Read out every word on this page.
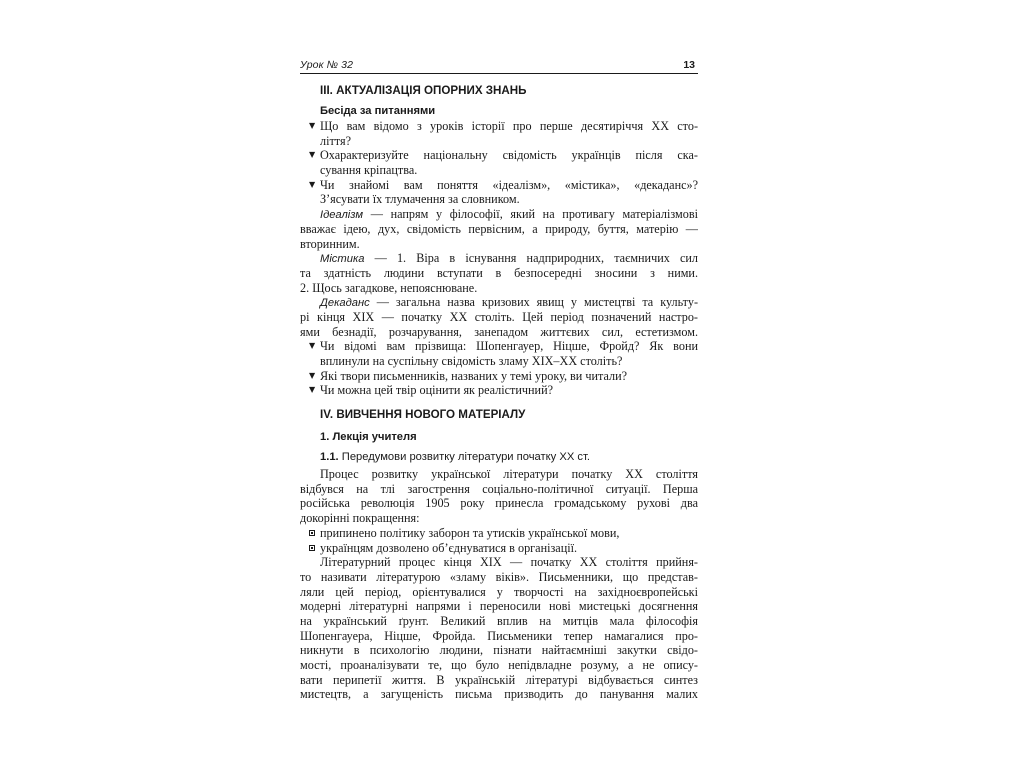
Урок № 32	13
III. АКТУАЛІЗАЦІЯ ОПОРНИХ ЗНАНЬ
Бесіда за питаннями
▼ Що вам відомо з уроків історії про перше десятиріччя XX сто-
ліття?
▼ Охарактеризуйте національну свідомість українців після ска-
сування кріпацтва.
▼ Чи знайомі вам поняття «ідеалізм», «містика», «декаданс»?
З’ясувати їх тлумачення за словником.
Ідеалізм — напрям у філософії, який на противагу матеріалізмові
вважає ідею, дух, свідомість первісним, а природу, буття, матерію —
вторинним.
Містика — 1. Віра в існування надприродних, таємничих сил
та здатність людини вступати в безпосередні зносини з ними.
2. Щось загадкове, непояснюване.
Декаданс — загальна назва кризових явищ у мистецтві та культу-
рі кінця XIX — початку XX століть. Цей період позначений настро-
ями безнадії, розчарування, занепадом життєвих сил, естетизмом.
▼ Чи відомі вам прізвища: Шопенгауер, Ніцше, Фройд? Як вони
вплинули на суспільну свідомість зламу XIX–XX століть?
▼ Які твори письменників, названих у темі уроку, ви читали?
▼ Чи можна цей твір оцінити як реалістичний?
IV. ВИВЧЕННЯ НОВОГО МАТЕРІАЛУ
1. Лекція учителя
1.1. Передумови розвитку літератури початку XX ст.
Процес розвитку української літератури початку XX століття
відбувся на тлі загострення соціально-політичної ситуації. Перша
російська революція 1905 року принесла громадському рухові два
докорінні покращення:
припинено політику заборон та утисків української мови,
українцям дозволено об’єднуватися в організації.
Літературний процес кінця XIX — початку XX століття прийня-
то називати літературою «зламу віків». Письменники, що представ-
ляли цей період, орієнтувалися у творчості на західноєвропейські
модерні літературні напрями і переносили нові мистецькі досягнення
на український ґрунт. Великий вплив на митців мала філософія
Шопенгауера, Ніцше, Фройда. Письменики тепер намагалися про-
никнути в психологію людини, пізнати найтаємніші закутки свідо-
мості, проаналізувати те, що було непідвладне розуму, а не опису-
вати перипетії життя. В українській літературі відбувається синтез
мистецтв, а загущеність письма призводить до панування малих
